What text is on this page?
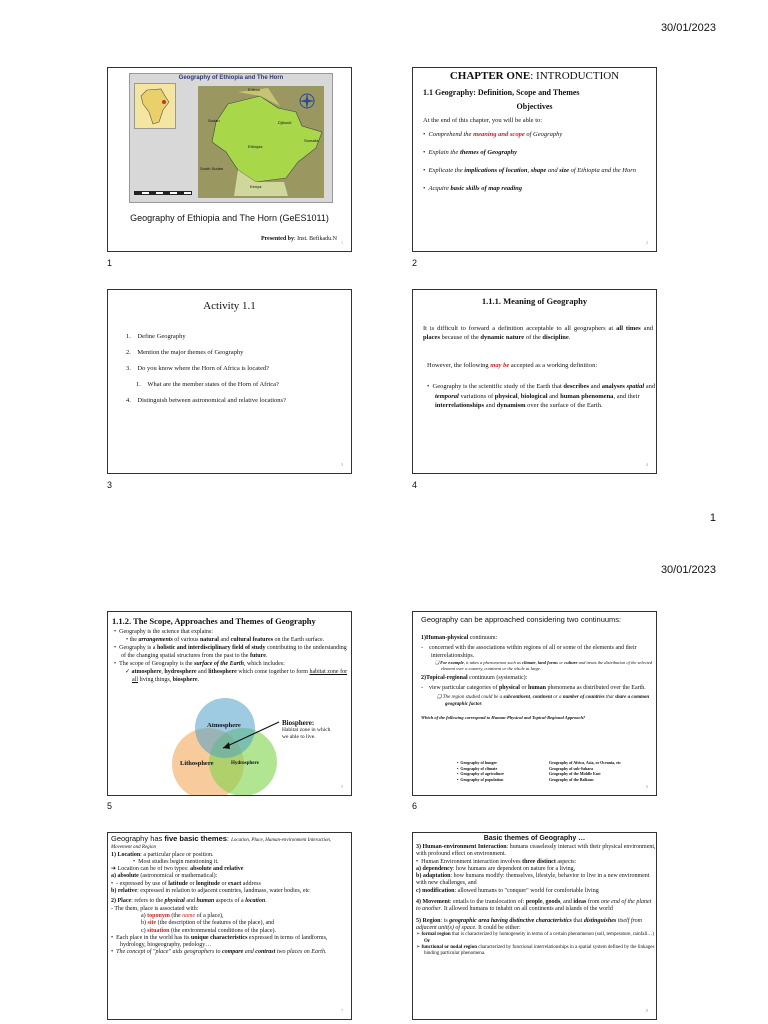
30/01/2023
Geography of Ethiopia and The Horn
Eritrea
Sudan	Djibouti
Ethiopia
Somalia
South Sudan
Kenya
Geography of Ethiopia and The Horn (GeES1011)
Presented by: Inst. Befikadu.N
1
1
CHAPTER ONE: INTRODUCTION
1.1 Geography: Definition, Scope and Themes
Objectives
At the end of this chapter, you will be able to:
•  Comprehend the meaning and scope of Geography
•  Explain the themes of Geography
•  Explicate the implications of location, shape and size of Ethiopia and the Horn
•  Acquire basic skills of map reading
2
2
Activity 1.1
1. Define Geography
2. Mention the major themes of Geography
3. Do you know where the Horn of Africa is located?
1. What are the member states of the Horn of Africa?
4. Distinguish between astronomical and relative locations?
3
3
1.1.1. Meaning of Geography
It is difficult to forward a definition acceptable to all geographers at all times and places because of the dynamic nature of the discipline.
However, the following may be accepted as a working definition:
•  Geography is the scientific study of the Earth that describes and analyses spatial and temporal variations of physical, biological and human phenomena, and their interrelationships and dynamism over the surface of the Earth.
4
4
1
30/01/2023
1.1.2. The Scope, Approaches and Themes of Geography
•  Geography is the science that explains:
• the arrangements of various natural and cultural features on the Earth surface.
•  Geography is a holistic and interdisciplinary field of study contributing to the understanding of the changing spatial structures from the past to the future.
•  The scope of Geography is the surface of the Earth, which includes:
✓ atmosphere, hydrosphere and lithosphere which come together to form habitat zone for all living things, biosphere.
Atmosphere
Lithosphere	Hydrosphere
Biosphere:
Habitat zone in which we able to live.
5
5
Geography can be approached considering two continuums:
1)Human-physical continuum:
-    concerned with the associations within regions of all or some of the elements and their interrelationships.
❑ For example, it takes a phenomenon such as climate, land forms or culture and treats the distribution of the selected element over a country, continent or the whole at large.
2)Topical-regional continuum (systematic):
-    view particular categories of physical or human phenomena as distributed over the Earth.
❑ The region studied could be a subcontinent, continent or a number of countries that share a common geographic factor.
Which of the following correspond to Human-Physical and Topical-Regional Approach?
•  Geography of hunger
•  Geography of climate
•  Geography of agriculture
•  Geography of population
Geography of Africa, Asia, or Oceania, etc
Geography of sub-Sahara
Geography of the Middle East
Geography of the Balkans
6
6
Geography has five basic themes: Location, Place, Human-environment Interaction, Movement and Region
1) Location: a particular place or position.
•  Most studies begin mentioning it.
➔ Location can be of two types: absolute and relative
a) absolute (astronomical or mathematical):
•  - expressed by use of latitude or longitude or exact address
b) relative: expressed in relation to adjacent countries, landmass, water bodies, etc
2) Place: refers to the physical and human aspects of a location.
- The them, place is associated with:
a) toponym (the name of a place),
b) site (the description of the features of the place), and
c) situation (the environmental conditions of the place).
•  Each place in the world has its unique characteristics expressed in terms of landforms, hydrology, biogeography, pedology…
•  The concept of "place" aids geographers to compare and contrast two places on Earth.
7
Basic themes of Geography …
3) Human-environment Interaction: humans ceaselessly interact with their physical environment, with profound effect on environment.
•  Human Environment interaction involves three distinct aspects:
a) dependency: how humans are dependent on nature for a living,
b) adaptation: how humans modify: themselves, lifestyle, behavior to live in a new environment with new challenges, and
c) modification: allowed humans to "conquer" world for comfortable living
4) Movement: entails to the translocation of: people, goods, and ideas from one end of the planet to another. It allowed humans to inhabit on all continents and islands of the world
5) Region: is geographic area having distinctive characteristics that distinguishes itself from adjacent unit(s) of space. It could be either:
➢ formal region that is characterized by homogeneity in terms of a certain phenomenon (soil, temperature, rainfall…) Or
➢ functional or nodal region characterized by functional interrelationships in a spatial system defined by the linkages binding particular phenomena.
8
